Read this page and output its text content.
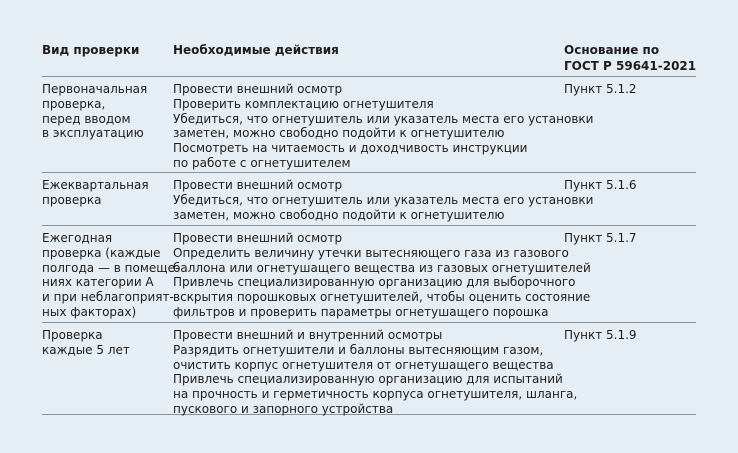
Вид проверки	Необходимые действия	Основание по
ГОСТ Р 59641-2021
Первоначальная
проверка,
перед вводом
в эксплуатацию
Провести внешний осмотр
Проверить комплектацию огнетушителя
Убедиться, что огнетушитель или указатель места его установки
заметен, можно свободно подойти к огнетушителю
Посмотреть на читаемость и доходчивость инструкции
по работе с огнетушителем
Пункт 5.1.2
Ежеквартальная
проверка
Провести внешний осмотр
Убедиться, что огнетушитель или указатель места его установки
заметен, можно свободно подойти к огнетушителю
Пункт 5.1.6
Ежегодная
проверка (каждые
полгода — в помеще-
ниях категории А
и при неблагоприят-
ных факторах)
Провести внешний осмотр
Определить величину утечки вытесняющего газа из газового
баллона или огнетушащего вещества из газовых огнетушителей
Привлечь специализированную организацию для выборочного
вскрытия порошковых огнетушителей, чтобы оценить состояние
фильтров и проверить параметры огнетушащего порошка
Пункт 5.1.7
Проверка
каждые 5 лет
Провести внешний и внутренний осмотры
Разрядить огнетушители и баллоны вытесняющим газом,
очистить корпус огнетушителя от огнетушащего вещества
Привлечь специализированную организацию для испытаний
на прочность и герметичность корпуса огнетушителя, шланга,
пускового и запорного устройства
Пункт 5.1.9
